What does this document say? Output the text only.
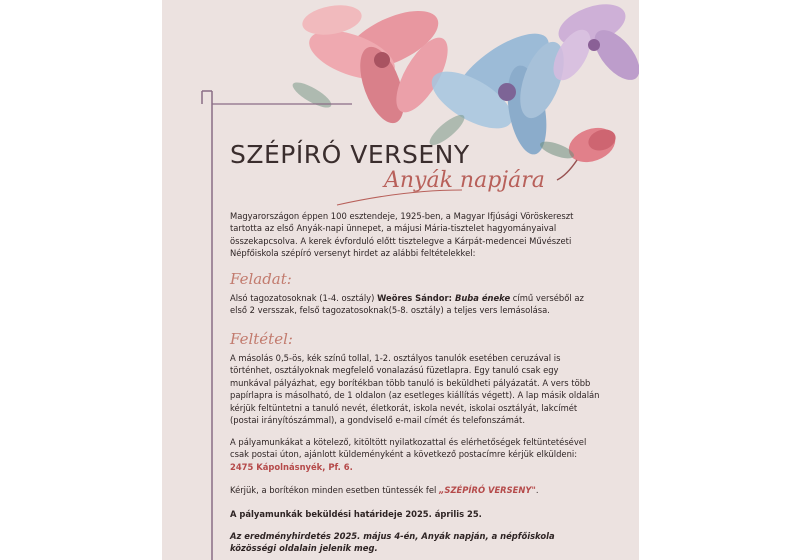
SZÉPÍRÓ VERSENY
Anyák napjára
Magyarországon éppen 100 esztendeje, 1925-ben, a Magyar Ifjúsági Vöröskereszt tartotta az első Anyák-napi ünnepet, a májusi Mária-tisztelet hagyományaival összekapcsolva. A kerek évforduló előtt tisztelegve a Kárpát-medencei Művészeti Népfőiskola szépíró versenyt hirdet az alábbi feltételekkel:
Feladat:
Alsó tagozatosoknak (1-4. osztály) Weöres Sándor: Buba éneke című verséből az első 2 versszak, felső tagozatosoknak(5-8. osztály) a teljes vers lemásolása.
Feltétel:
A másolás 0,5-ös, kék színű tollal, 1-2. osztályos tanulók esetében ceruzával is történhet, osztályoknak megfelelő vonalazású füzetlapra. Egy tanuló csak egy munkával pályázhat, egy borítékban több tanuló is beküldheti pályázatát. A vers több papírlapra is másolható, de 1 oldalon (az esetleges kiállítás végett). A lap másik oldalán kérjük feltüntetni a tanuló nevét, életkorát, iskola nevét, iskolai osztályát, lakcímét (postai irányítószámmal), a gondviselő e-mail címét és telefonszámát.
A pályamunkákat a kötelező, kitöltött nyilatkozattal és elérhetőségek feltüntetésével csak postai úton, ajánlott küldeményként a következő postacímre kérjük elküldeni:
2475 Kápolnásnyék, Pf. 6.
Kérjük, a borítékon minden esetben tüntessék fel „SZÉPÍRÓ VERSENY".
A pályamunkák beküldési határideje 2025. április 25.
Az eredményhirdetés 2025. május 4-én, Anyák napján, a népfőiskola közösségi oldalain jelenik meg.
